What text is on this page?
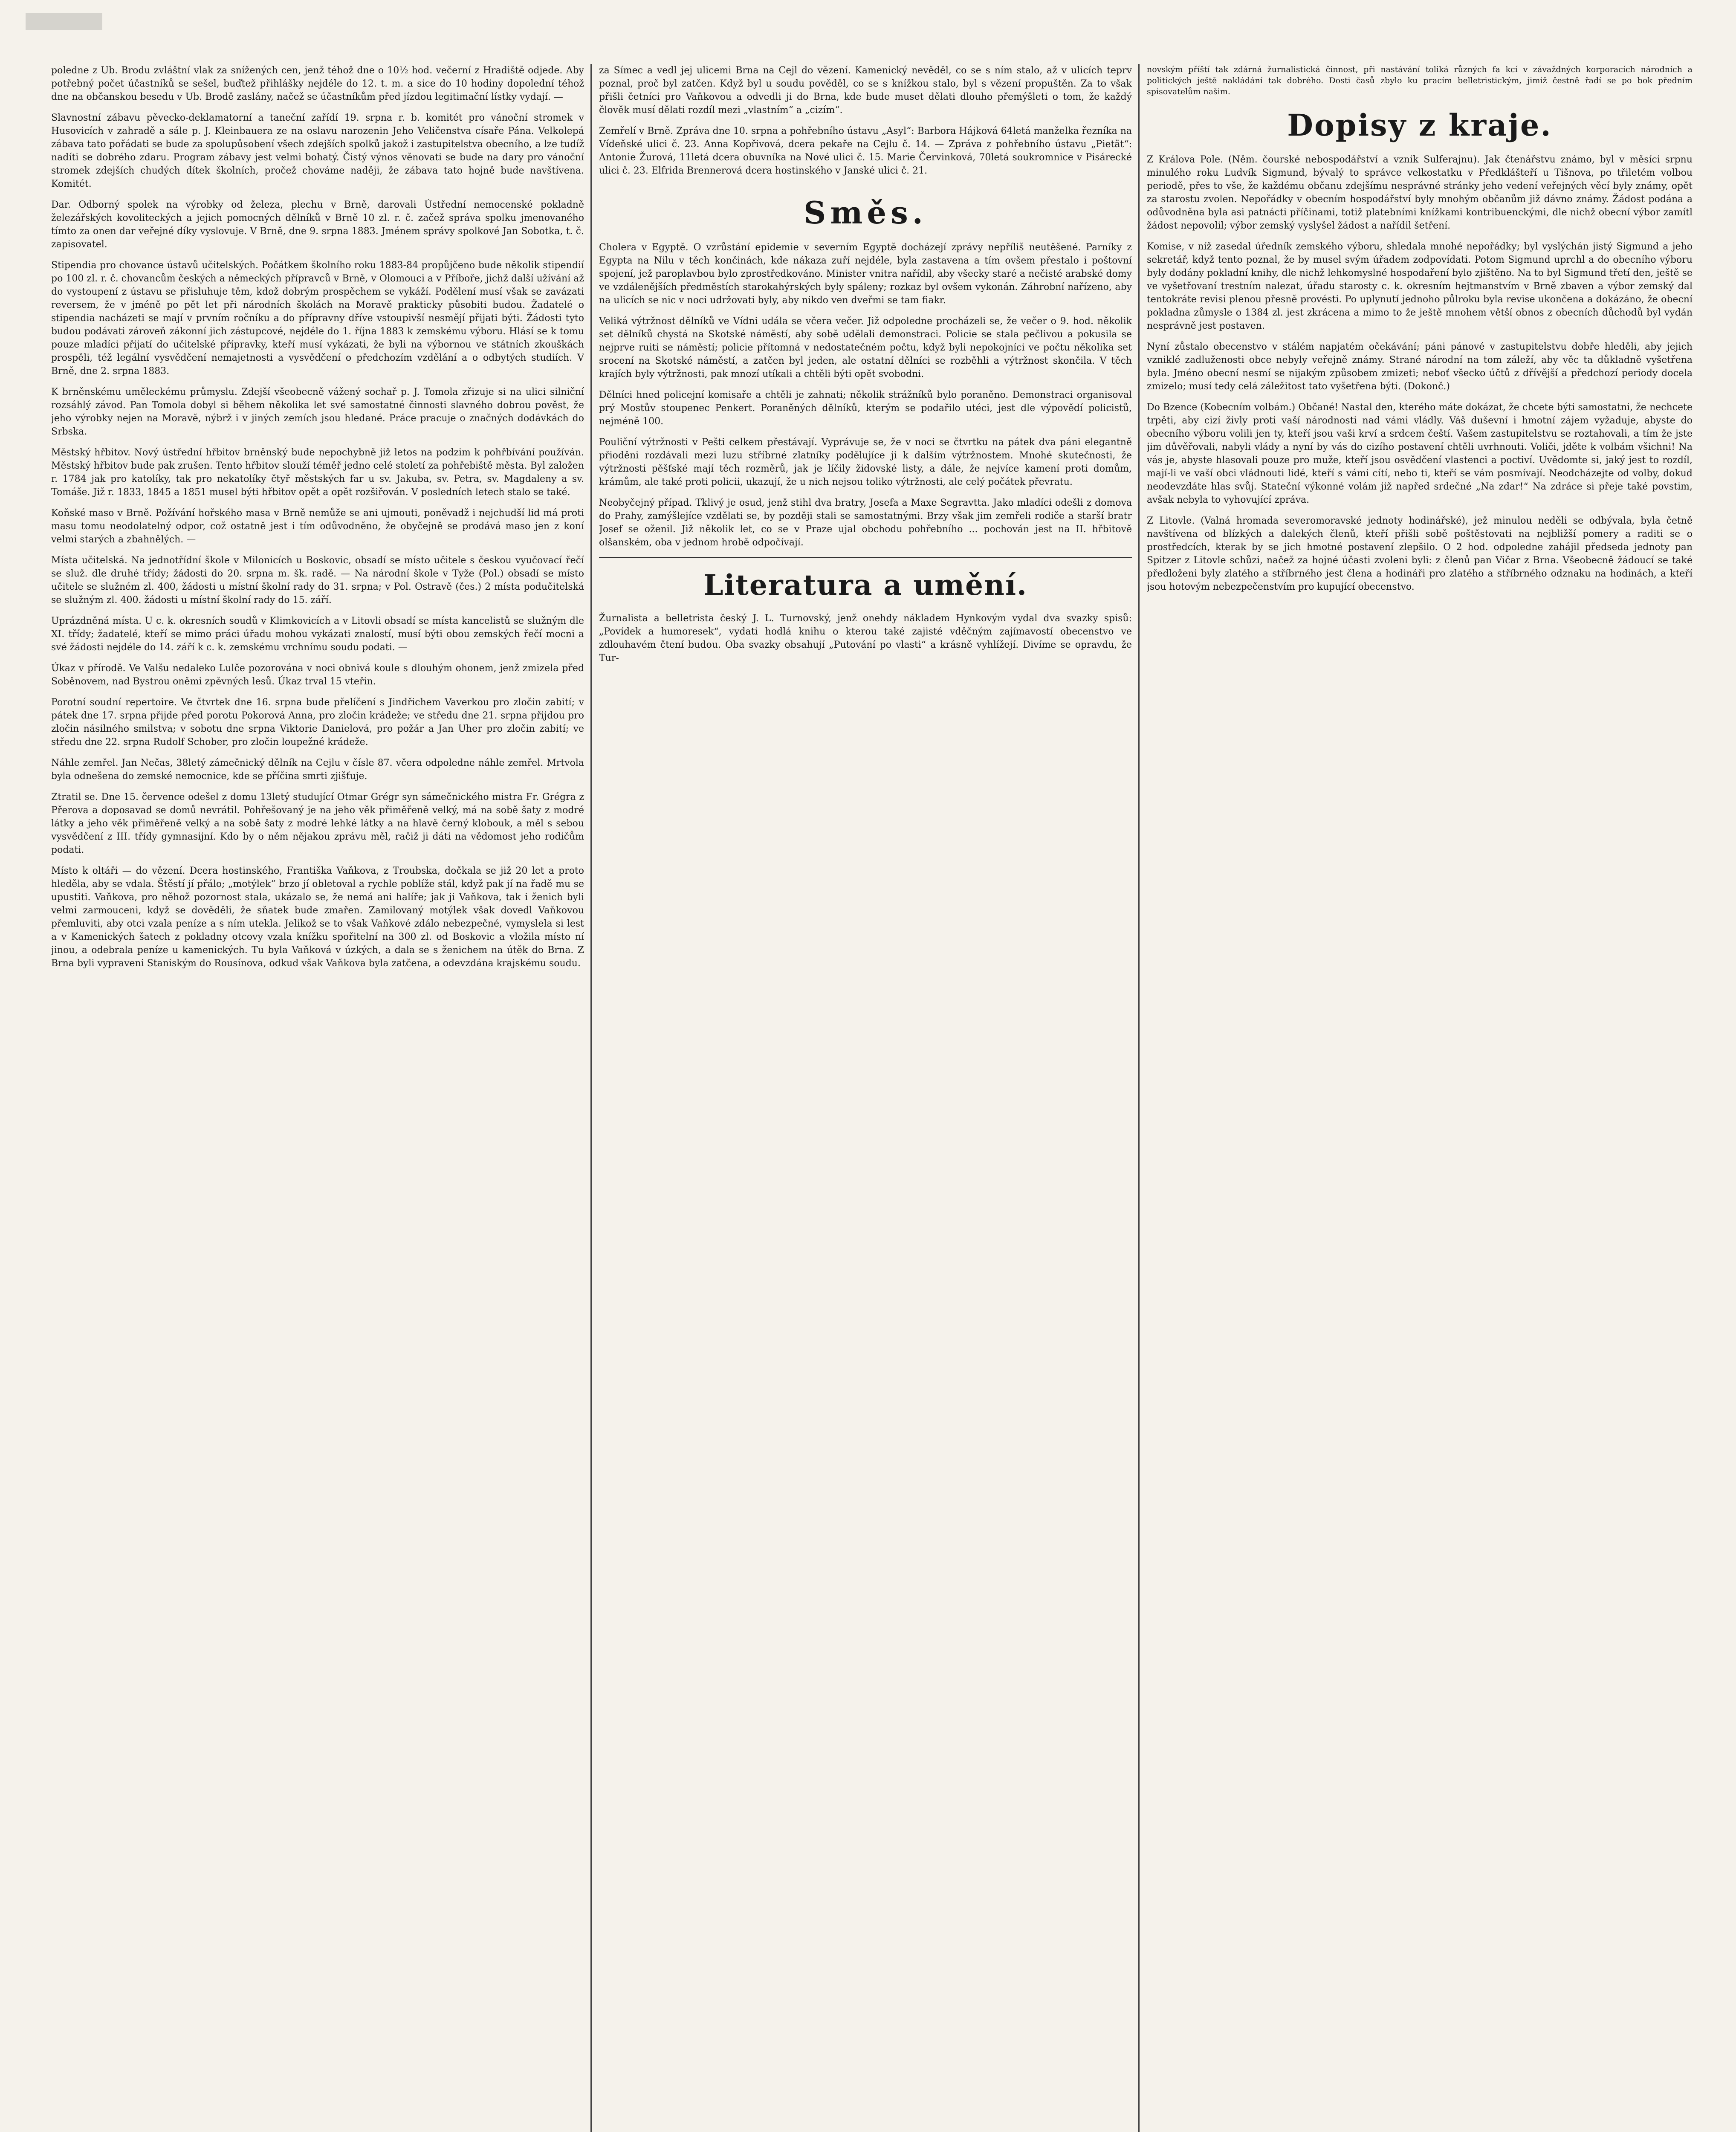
poledne z Ub. Brodu zvláštní vlak za snížených cen, jenž téhož dne o 10½ hod. večerní z Hradiště odjede. Aby potřebný počet účastníků se sešel, buďtež přihlášky nejdéle do 12. t. m. a sice do 10 hodiny dopolední téhož dne na občanskou besedu v Ub. Brodě zaslány, načež se účastníkům před jízdou legitimační lístky vydají. —

Slavnostní zábavu pěvecko-deklamatorní a taneční zařídí 19. srpna r. b. komitét pro vánoční stromek v Husovicích v zahradě a sále p. J. Kleinbauera ze na oslavu narozenin Jeho Veličenstva císaře Pána. Velkolepá zábava tato pořádati se bude za spolupůsobení všech zdejších spolků jakož i zastupitelstva obecního, a lze tudíž nadíti se dobrého zdaru. Program zábavy jest velmi bohatý. Čistý výnos věnovati se bude na dary pro vánoční stromek zdejších chudých dítek školních, pročež chováme naději, že zábava tato hojně bude navštívena. Komitét.

Dar. Odborný spolek na výrobky od železa, plechu v Brně, darovali Ústřední nemocenské pokladně železářských kovoliteckých a jejich pomocných dělníků v Brně 10 zl. r. č. začež správa spolku jmenovaného tímto za onen dar veřejné díky vyslovuje. V Brně, dne 9. srpna 1883. Jménem správy spolkové Jan Sobotka, t. č. zapisovatel.

Stipendia pro chovance ústavů učitelských. Počátkem školního roku 1883-84 propůjčeno bude několik stipendií po 100 zl. r. č. chovancům českých a německých přípravců v Brně, v Olomouci a v Příboře, jichž další užívání až do vystoupení z ústavu se přisluhuje těm, kdož dobrým prospěchem se vykáží. Podělení musí však se zavázati reversem, že v jméně po pět let při národních školách na Moravě prakticky působiti budou. Žadatelé o stipendia nacházeti se mají v prvním ročníku a do přípravny dříve vstoupivší nesmějí přijati býti. Žádosti tyto budou podávati zároveň zákonní jich zástupcové, nejdéle do 1. října 1883 k zemskému výboru. Hlásí se k tomu pouze mladíci přijatí do učitelské přípravky, kteří musí vykázati, že byli na výbornou ve státních zkouškách prospěli, též legální vysvědčení nemajetnosti a vysvědčení o předchozím vzdělání a o odbytých studiích. V Brně, dne 2. srpna 1883.

K brněnskému uměleckému průmyslu. Zdejší všeobecně vážený sochař p. J. Tomola zřizuje si na ulici silniční rozsáhlý závod. Pan Tomola dobyl si během několika let své samostatné činnosti slavného dobrou pověst, že jeho výrobky nejen na Moravě, nýbrž i v jiných zemích jsou hledané. Práce pracuje o značných dodávkách do Srbska.

Městský hřbitov. Nový ústřední hřbitov brněnský bude nepochybně již letos na podzim k pohřbívání používán. Městský hřbitov bude pak zrušen. Tento hřbitov slouží téměř jedno celé století za pohřebiště města. Byl založen r. 1784 jak pro katolíky, tak pro nekatolíky čtyř městských far u sv. Jakuba, sv. Petra, sv. Magdaleny a sv. Tomáše. Již r. 1833, 1845 a 1851 musel býti hřbitov opět a opět rozšiřován. V posledních letech stalo se také.

Koňské maso v Brně. Požívání hořského masa v Brně nemůže se ani ujmouti, poněvadž i nejchudší lid má proti masu tomu neodolatelný odpor, což ostatně jest i tím odůvodněno, že obyčejně se prodává maso jen z koní velmi starých a zbahnělých. —

Místa učitelská. Na jednotřídní škole v Milonicích u Boskovic, obsadí se místo učitele s českou vyučovací řečí se služ. dle druhé třídy; žádosti do 20. srpna m. šk. radě. — Na národní škole v Tyže (Pol.) obsadí se místo učitele se služném zl. 400, žádosti u místní školní rady do 31. srpna; v Pol. Ostravě (čes.) 2 místa podučitelská se služným zl. 400. žádosti u místní školní rady do 15. září.

Uprázdněná místa. U c. k. okresních soudů v Klimkovicích a v Litovli obsadí se místa kancelistů se služným dle XI. třídy; žadatelé, kteří se mimo práci úřadu mohou vykázati znalostí, musí býti obou zemských řečí mocni a své žádosti nejdéle do 14. září k c. k. zemskému vrchnímu soudu podati. —

Úkaz v přírodě. Ve Valšu nedaleko Lulče pozorována v noci obnivá koule s dlouhým ohonem, jenž zmizela před Soběnovem, nad Bystrou oněmi zpěvných lesů. Úkaz trval 15 vteřin.

Porotní soudní repertoire. Ve čtvrtek dne 16. srpna bude přelíčení s Jindřichem Vaverkou pro zločin zabití; v pátek dne 17. srpna přijde před porotu Pokorová Anna, pro zločin krádeže; ve středu dne 21. srpna přijdou pro zločin násilného smilstva; v sobotu dne srpna Viktorie Danielová, pro požár a Jan Uher pro zločin zabití; ve středu dne 22. srpna Rudolf Schober, pro zločin loupežné krádeže.

Náhle zemřel. Jan Nečas, 38letý zámečnický dělník na Cejlu v čísle 87. včera odpoledne náhle zemřel. Mrtvola byla odnešena do zemské nemocnice, kde se příčina smrti zjišťuje.

Ztratil se. Dne 15. července odešel z domu 13letý studující Otmar Grégr syn sámečnického mistra Fr. Grégra z Přerova a doposavad se domů nevrátil. Pohřešovaný je na jeho věk přiměřeně velký, má na sobě šaty z modré látky a jeho věk přiměřeně velký a na sobě šaty z modré lehké látky a na hlavě černý klobouk, a měl s sebou vysvědčení z III. třídy gymnasijní. Kdo by o něm nějakou zprávu měl, račiž ji dáti na vědomost jeho rodičům podati.

Místo k oltáři — do vězení. Dcera hostinského, Františka Vaňkova, z Troubska, dočkala se již 20 let a proto hleděla, aby se vdala. Štěstí jí přálo; „motýlek“ brzo jí obletoval a rychle poblíže stál, když pak jí na řadě mu se upustiti. Vaňkova, pro něhož pozornost stala, ukázalo se, že nemá ani halíře; jak ji Vaňkova, tak i ženich byli velmi zarmouceni, když se dověděli, že sňatek bude zmařen. Zamilovaný motýlek však dovedl Vaňkovou přemluviti, aby otci vzala peníze a s ním utekla. Jelikož se to však Vaňkové zdálo nebezpečné, vymyslela si lest a v Kamenických šatech z pokladny otcovy vzala knížku spořitelní na 300 zl. od Boskovic a vložila místo ní jinou, a odebrala peníze u kamenických. Tu byla Vaňková v úzkých, a dala se s ženichem na útěk do Brna. Z Brna byli vypraveni Staniským do Rousínova, odkud však Vaňkova byla zatčena, a odevzdána krajskému soudu.

za Símec a vedl jej ulicemi Brna na Cejl do vězení. Kamenický nevěděl, co se s ním stalo, až v ulicích teprv poznal, proč byl zatčen. Když byl u soudu pověděl, co se s knížkou stalo, byl s vězení propuštěn. Za to však přišli četníci pro Vaňkovou a odvedli ji do Brna, kde bude muset dělati dlouho přemýšleti o tom, že každý člověk musí dělati rozdíl mezi „vlastním“ a „cizím“.

Zemřelí v Brně. Zpráva dne 10. srpna a pohřebního ústavu „Asyl“: Barbora Hájková 64letá manželka řezníka na Vídeňské ulici č. 23. Anna Kopřivová, dcera pekaře na Cejlu č. 14. — Zpráva z pohřebního ústavu „Pietät“: Antonie Žurová, 11letá dcera obuvníka na Nové ulici č. 15. Marie Červinková, 70letá soukromnice v Pisárecké ulici č. 23. Elfrida Brennerová dcera hostinského v Janské ulici č. 21.

Směs.

Cholera v Egyptě. O vzrůstání epidemie v severním Egyptě docházejí zprávy nepříliš neutěšené. Parníky z Egypta na Nilu v těch končinách, kde nákaza zuří nejdéle, byla zastavena a tím ovšem přestalo i poštovní spojení, jež paroplavbou bylo zprostředkováno. Minister vnitra nařídil, aby všecky staré a nečisté arabské domy ve vzdálenějších předměstích starokahýrských byly spáleny; rozkaz byl ovšem vykonán. Záhrobní nařízeno, aby na ulicích se nic v noci udržovati byly, aby nikdo ven dveřmi se tam fiakr.

Veliká výtržnost dělníků ve Vídni udála se včera večer. Již odpoledne procházeli se, že večer o 9. hod. několik set dělníků chystá na Skotské náměstí, aby sobě udělali demonstraci. Policie se stala pečlivou a pokusila se nejprve ruiti se náměstí; policie přítomná v nedostatečném počtu, když byli nepokojníci ve počtu několika set srocení na Skotské náměstí, a zatčen byl jeden, ale ostatní dělníci se rozběhli a výtržnost skončila. V těch krajích byly výtržnosti, pak mnozí utíkali a chtěli býti opět svobodni.

Dělníci hned policejní komisaře a chtěli je zahnati; několik strážníků bylo poraněno. Demonstraci organisoval prý Mostův stoupenec Penkert. Poraněných dělníků, kterým se podařilo utéci, jest dle výpovědí policistů, nejméně 100.

Pouliční výtržnosti v Pešti celkem přestávají. Vyprávuje se, že v noci se čtvrtku na pátek dva páni elegantně přioděni rozdávali mezi luzu stříbrné zlatníky podělujíce ji k dalším výtržnostem. Mnohé skutečnosti, že výtržnosti pěšťské mají těch rozměrů, jak je líčily židovské listy, a dále, že nejvíce kamení proti domům, krámům, ale také proti policii, ukazují, že u nich nejsou toliko výtržnosti, ale celý počátek převratu.

Neobyčejný případ. Tklivý je osud, jenž stihl dva bratry, Josefa a Maxe Segravtta. Jako mladíci odešli z domova do Prahy, zamýšlejíce vzdělati se, by později stali se samostatnými. Brzy však jim zemřeli rodiče a starší bratr Josef se oženil. Již několik let, co se v Praze ujal obchodu pohřebního ... pochován jest na II. hřbitově olšanském, oba v jednom hrobě odpočívají.

Literatura a umění.

Žurnalista a belletrista český J. L. Turnovský, jenž onehdy nákladem Hynkovým vydal dva svazky spisů: „Povídek a humoresek“, vydati hodlá knihu o kterou také zajisté vděčným zajímavostí obecenstvo ve zdlouhavém čtení budou. Oba svazky obsahují „Putování po vlasti“ a krásně vyhlížejí. Divíme se opravdu, že Tur-

novským příští tak zdárná žurnalistická činnost, při nastávání toliká různých fa kcí v závaždných korporacích národních a politických ještě nakládání tak dobrého. Dosti časů zbylo ku pracím belletristickým, jimiž čestně řadí se po bok předním spisovatelům našim.

Dopisy z kraje.

Z Králova Pole. (Něm. čourské nebospodářství a vznik Sulferajnu). Jak čtenářstvu známo, byl v měsíci srpnu minulého roku Ludvík Sigmund, bývalý to správce velkostatku v Předklášteří u Tišnova, po třiletém volbou periodě, přes to vše, že každému občanu zdejšímu nesprávné stránky jeho vedení veřejných věcí byly známy, opět za starostu zvolen. Nepořádky v obecním hospodářství byly mnohým občanům již dávno známy. Žádost podána a odůvodněna byla asi patnácti příčinami, totiž platebními knížkami kontribuenckými, dle nichž obecní výbor zamítl žádost nepovolil; výbor zemský vyslyšel žádost a nařídil šetření.

Komise, v níž zasedal úředník zemského výboru, shledala mnohé nepořádky; byl vyslýchán jistý Sigmund a jeho sekretář, když tento poznal, že by musel svým úřadem zodpovídati. Potom Sigmund uprchl a do obecního výboru byly dodány pokladní knihy, dle nichž lehkomyslné hospodaření bylo zjištěno. Na to byl Sigmund třetí den, ještě se ve vyšetřovaní trestním nalezat, úřadu starosty c. k. okresním hejtmanstvím v Brně zbaven a výbor zemský dal tentokráte revisi plenou přesně provésti. Po uplynutí jednoho půlroku byla revise ukončena a dokázáno, že obecní pokladna zůmysle o 1384 zl. jest zkrácena a mimo to že ještě mnohem větší obnos z obecních důchodů byl vydán nesprávně jest postaven.

Nyní zůstalo obecenstvo v stálém napjatém očekávání; páni pánové v zastupitelstvu dobře hleděli, aby jejich vzniklé zadluženosti obce nebyly veřejně známy. Strané národní na tom záleží, aby věc ta důkladně vyšetřena byla. Jméno obecní nesmí se nijakým způsobem zmizeti; neboť všecko účtů z dřívější a předchozí periody docela zmizelo; musí tedy celá záležitost tato vyšetřena býti. (Dokonč.)

Do Bzence (Kobecním volbám.) Občané! Nastal den, kterého máte dokázat, že chcete býti samostatni, že nechcete trpěti, aby cizí živly proti vaší národnosti nad vámi vládly. Váš duševní i hmotní zájem vyžaduje, abyste do obecního výboru volili jen ty, kteří jsou vaši krví a srdcem čeští. Vašem zastupitelstvu se roztahovali, a tím že jste jim důvěřovali, nabyli vlády a nyní by vás do cizího postavení chtěli uvrhnouti. Voliči, jděte k volbám všichni! Na vás je, abyste hlasovali pouze pro muže, kteří jsou osvědčení vlastenci a poctiví. Uvědomte si, jaký jest to rozdíl, mají-li ve vaší obci vládnouti lidé, kteří s vámi cítí, nebo ti, kteří se vám posmívají. Neodcházejte od volby, dokud neodevzdáte hlas svůj. Stateční výkonné volám již napřed srdečné „Na zdar!“ Na zdráce si přeje také povstim, avšak nebyla to vyhovující zpráva.

Z Litovle. (Valná hromada severomoravské jednoty hodinářské), jež minulou neděli se odbývala, byla četně navštívena od blízkých a dalekých členů, kteří přišli sobě poštěstovati na nejbližší pomery a raditi se o prostředcích, kterak by se jich hmotné postavení zlepšilo. O 2 hod. odpoledne zahájil předseda jednoty pan Spitzer z Litovle schůzi, načež za hojné účasti zvoleni byli: z členů pan Vičar z Brna. Všeobecně žádoucí se také předloženi byly zlatého a stříbrného jest člena a hodináři pro zlatého a stříbrného odznaku na hodinách, a kteří jsou hotovým nebezpečenstvím pro kupující obecenstvo.
